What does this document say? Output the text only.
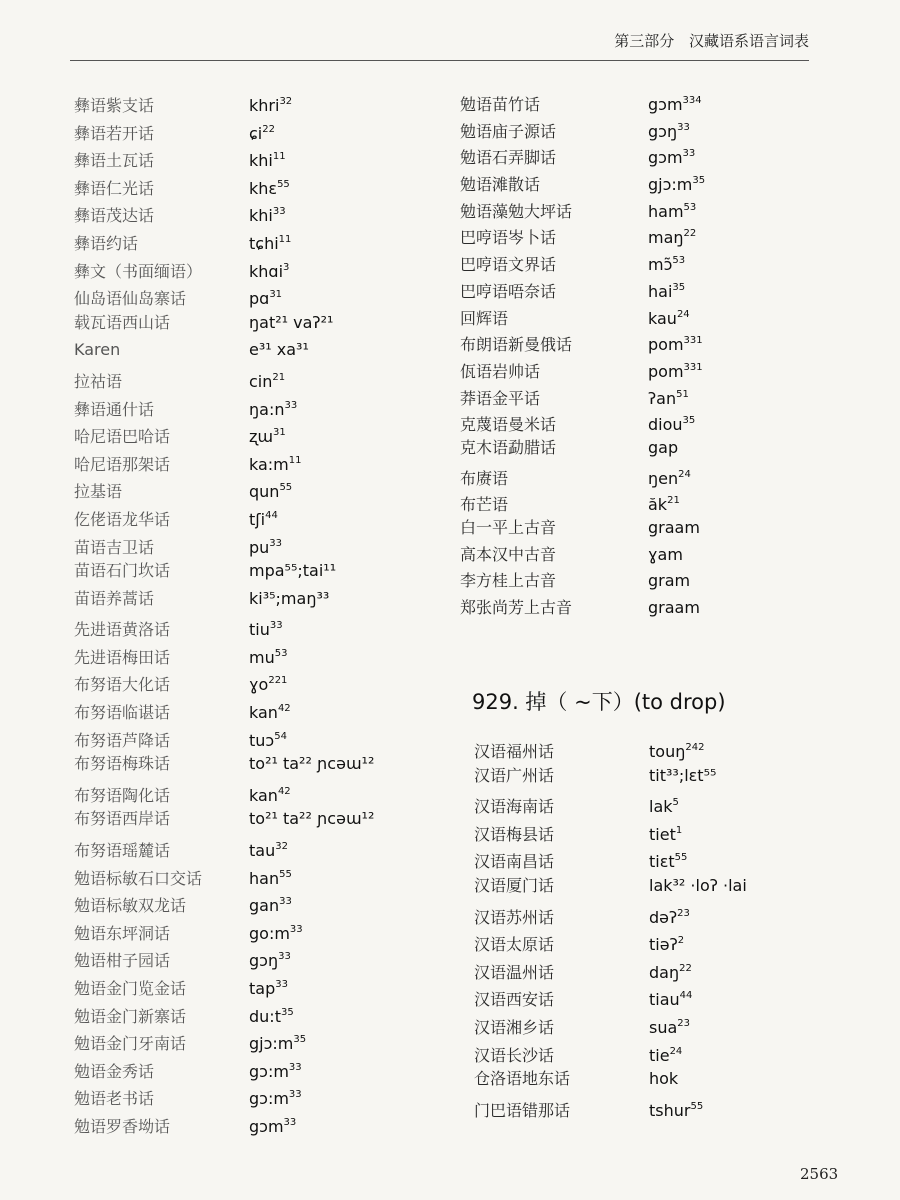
第三部分 汉藏语系语言词表
彝语紫支话	khri$^{32}$
彝语若开话	ɕi$^{22}$
彝语土瓦话	khi$^{11}$
彝语仁光话	khɛ$^{55}$
彝语茂达话	khi$^{33}$
彝语约话	tɕhi$^{11}$
彝文（书面缅语）	khɑi$^3$
仙岛语仙岛寨话	pɑ$^{31}$
载瓦语西山话	ŋat²¹ vaʔ²¹
Karen	e³¹ xa³¹
拉祜语	cin$^{21}$
彝语通什话	$ŋa:n^{33}$
哈尼语巴哈话	ʐɯ$^{31}$
哈尼语那架话	$ka:m^{11}$
拉基语	qun$^{55}$
仡佬语龙华话	tʃi$^{44}$
苗语吉卫话	$pu^{33}$
苗语石门坎话	mpa⁵⁵;tai¹¹
苗语养蒿话	ki³⁵;maŋ³³
先进语黄洛话	tiu$^{33}$
先进语梅田话	$mu^{53}$
布努语大化话	ɣo$^{221}$
布努语临谌话	kan$^{42}$
布努语芦降话	tuɔ$^{54}$
布努语梅珠话	to²¹ ta²² ɲcəɯ¹²
布努语陶化话	kan$^{42}$
布努语西岸话	to²¹ ta²² ɲcəɯ¹²
布努语瑶麓话	tau$^{32}$
勉语标敏石口交话	han$^{55}$
勉语标敏双龙话	gan$^{33}$
勉语东坪洞话	$go:m^{33}$
勉语柑子园话	gɔŋ$^{33}$
勉语金门览金话	tap$^{33}$
勉语金门新寨话	$du:t^{35}$
勉语金门牙南话	$gjɔ:m^{35}$
勉语金秀话	$gɔ:m^{33}$
勉语老书话	$gɔ:m^{33}$
勉语罗香坳话	gɔm$^{33}$
勉语苗竹话	gɔm$^{334}$
勉语庙子源话	gɔŋ$^{33}$
勉语石弄脚话	gɔm$^{33}$
勉语滩散话	$gjɔ:m^{35}$
勉语藻勉大坪话	ham$^{53}$
巴哼语岑卜话	maŋ$^{22}$
巴哼语文界话	mɔ̃$^{53}$
巴哼语唔奈话	hai$^{35}$
回辉语	kau$^{24}$
布朗语新曼俄话	pom$^{331}$
佤语岩帅话	pom$^{331}$
莽语金平话	ʔan$^{51}$
克蔑语曼米话	diou$^{35}$
克木语勐腊话	gap
布赓语	ŋen$^{24}$
布芒语	$ăk^{21}$
白一平上古音	graam
高本汉中古音	ɣam
李方桂上古音	gram
郑张尚芳上古音	graam
929. 掉（ ~下）(to drop)
汉语福州话	touŋ$^{242}$
汉语广州话	tit³³;lɛt⁵⁵
汉语海南话	lak$^5$
汉语梅县话	tiet$^1$
汉语南昌话	tiɛt$^{55}$
汉语厦门话	lak³² ·loʔ ·lai
汉语苏州话	dəʔ$^{23}$
汉语太原话	tiəʔ$^2$
汉语温州话	daŋ$^{22}$
汉语西安话	tiau$^{44}$
汉语湘乡话	sua$^{23}$
汉语长沙话	tie$^{24}$
仓洛语地东话	hok
门巴语错那话	tshur$^{55}$
2563
